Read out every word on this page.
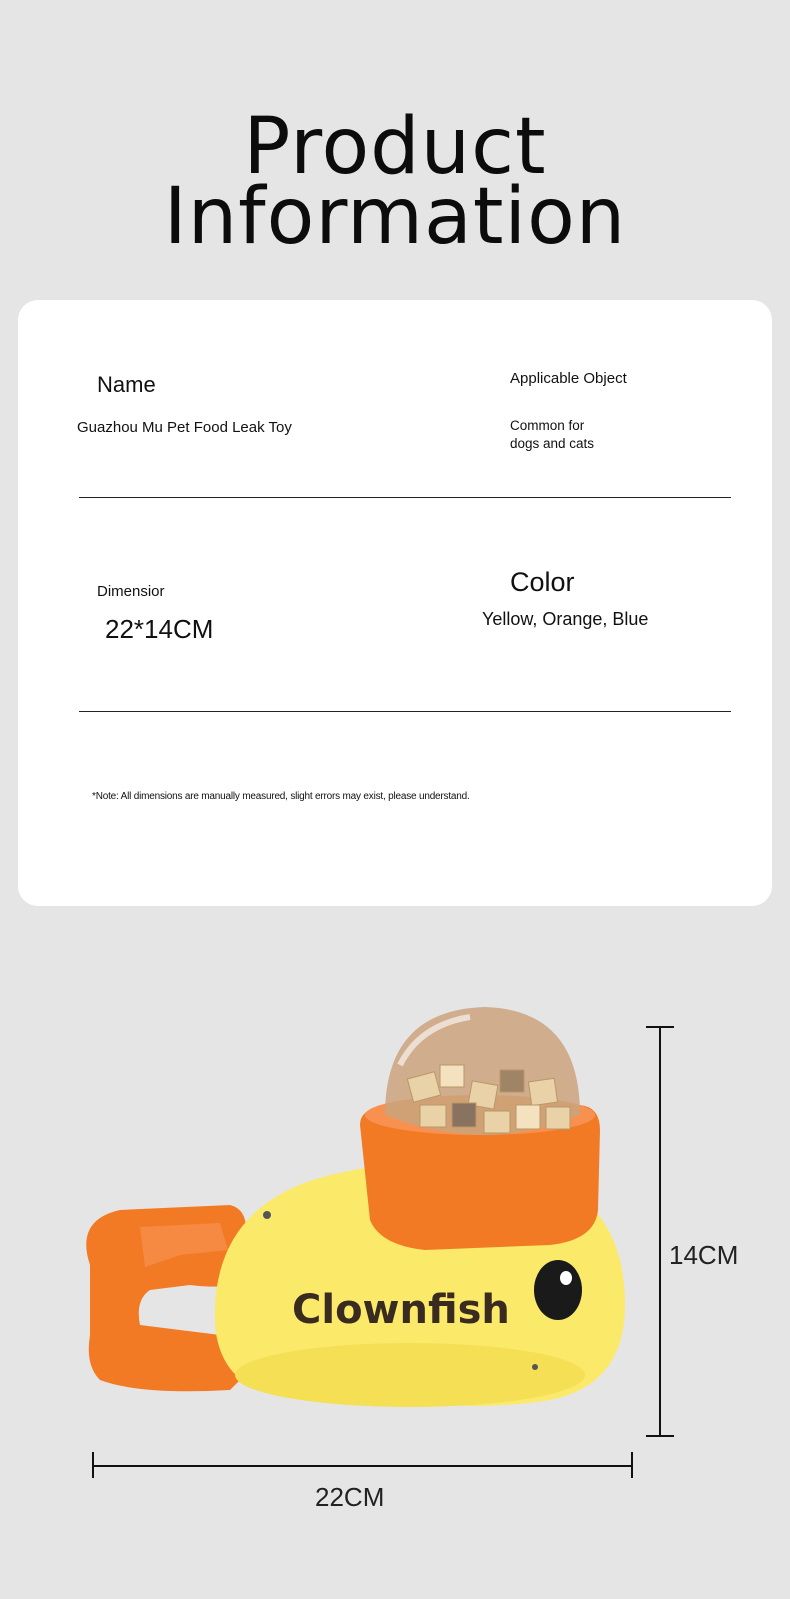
Product
Information
Name
Guazhou Mu Pet Food Leak Toy
Applicable Object
Common for
dogs and cats
Dimensior
22*14CM
Color
Yellow, Orange, Blue
*Note: All dimensions are manually measured, slight errors may exist, please understand.
Clownfish
14CM
22CM
